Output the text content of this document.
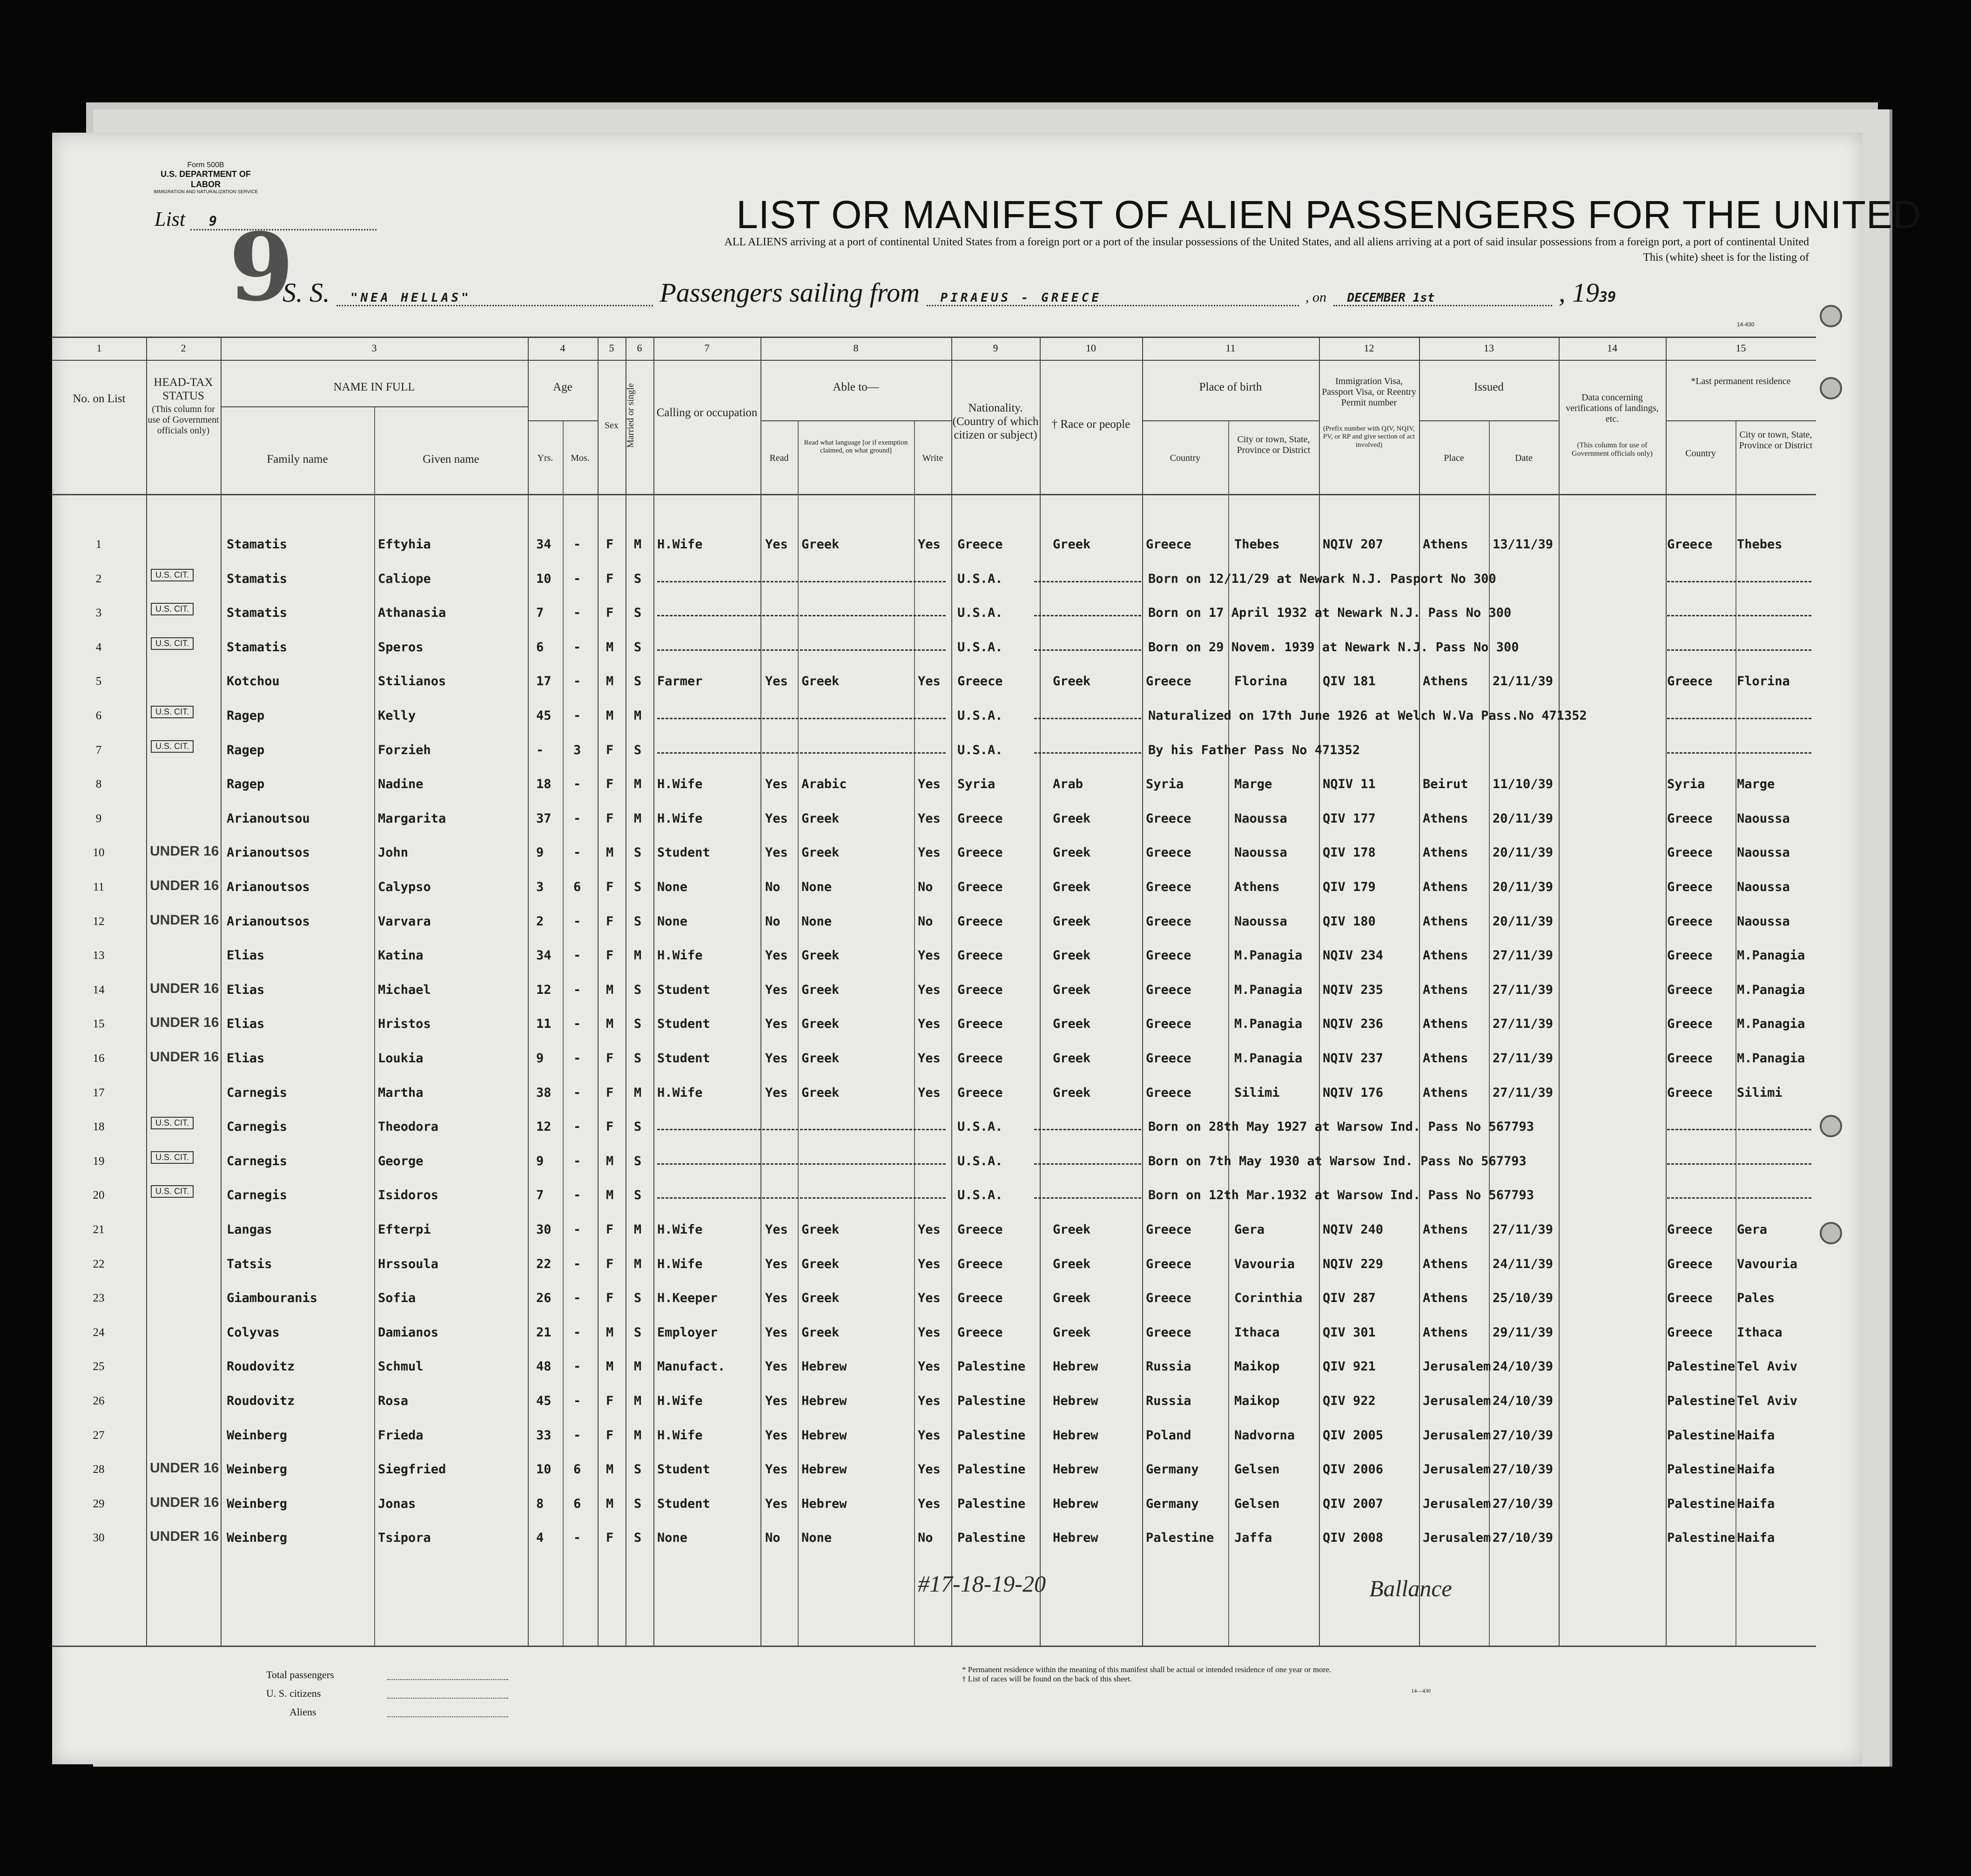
Form 500B
U.S. DEPARTMENT OF LABOR
IMMIGRATION AND NATURALIZATION SERVICE
List 9 9	LIST OR MANIFEST OF ALIEN PASSENGERS FOR THE UNITED
ALL ALIENS arriving at a port of continental United States from a foreign port or a port of the insular possessions of the United States, and all aliens arriving at a port of said insular possessions from a foreign port, a port of continental United
This (white) sheet is for the listing of
S. S. "NEA HELLAS"	Passengers sailing from PIRAEUS - GREECE	, on DECEMBER 1st	, 1939
14-430
1	2	3	4	5	6	7	8	9	10	11	12	13	14	15
No. on List
HEAD-TAX STATUS
(This column for use of Government officials only)
NAME IN FULL
Family name	Given name
Age
Yrs.	Mos.
Sex Married or single	Calling or occupation
Able to—
Read
Read what language [or if exemption claimed, on what ground]
Write
Nationality. (Country of which citizen or subject)
† Race or people
Place of birth
Country
City or town, State, Province or District
Immigration Visa, Passport Visa, or Reentry Permit number
(Prefix number with QIV, NQIV, PV, or RP and give section of act involved)
Issued
Place	Date
Data concerning verifications of landings, etc.
(This column for use of Government officials only)
*Last permanent residence
Country
City or town, State, Province or District
1	Stamatis	Eftyhia	34 - F M H.Wife	Yes Greek	Yes Greece	Greek	Greece	Thebes	NQIV 207	Athens 13/11/39	Greece Thebes
2	U.S. CIT.	Stamatis	Caliope	10 - F S	U.S.A.	Born on 12/11/29 at Newark N.J. Pasport No 300
3	U.S. CIT.	Stamatis	Athanasia	7 - F S	U.S.A.	Born on 17 April 1932 at Newark N.J. Pass No 300
4	U.S. CIT.	Stamatis	Speros	6 - M S	U.S.A.	Born on 29 Novem. 1939 at Newark N.J. Pass No 300
5	Kotchou	Stilianos	17 - M S Farmer	Yes Greek	Yes Greece	Greek	Greece	Florina	QIV 181	Athens 21/11/39	Greece Florina
6	U.S. CIT.	Ragep	Kelly	45 - M M	U.S.A.	Naturalized on 17th June 1926 at Welch W.Va Pass.No 471352
7	U.S. CIT.	Ragep	Forzieh	- 3 F S	U.S.A.	By his Father Pass No 471352
8	Ragep	Nadine	18 - F M H.Wife	Yes Arabic	Yes Syria	Arab	Syria	Marge	NQIV 11	Beirut 11/10/39	Syria	Marge
9	Arianoutsou	Margarita	37 - F M H.Wife	Yes Greek	Yes Greece	Greek	Greece	Naoussa	QIV 177	Athens 20/11/39	Greece Naoussa
10	UNDER 16 Arianoutsos	John	9 - M S Student	Yes Greek	Yes Greece	Greek	Greece	Naoussa	QIV 178	Athens 20/11/39	Greece Naoussa
11	UNDER 16 Arianoutsos	Calypso	3 6 F S None	No None	No Greece	Greek	Greece	Athens	QIV 179	Athens 20/11/39	Greece Naoussa
12	UNDER 16 Arianoutsos	Varvara	2 - F S None	No None	No Greece	Greek	Greece	Naoussa	QIV 180	Athens 20/11/39	Greece Naoussa
13	Elias	Katina	34 - F M H.Wife	Yes Greek	Yes Greece	Greek	Greece	M.Panagia NQIV 234	Athens 27/11/39	Greece M.Panagia
14	UNDER 16 Elias	Michael	12 - M S Student	Yes Greek	Yes Greece	Greek	Greece	M.Panagia NQIV 235	Athens 27/11/39	Greece M.Panagia
15	UNDER 16 Elias	Hristos	11 - M S Student	Yes Greek	Yes Greece	Greek	Greece	M.Panagia NQIV 236	Athens 27/11/39	Greece M.Panagia
16	UNDER 16 Elias	Loukia	9 - F S Student	Yes Greek	Yes Greece	Greek	Greece	M.Panagia NQIV 237	Athens 27/11/39	Greece M.Panagia
17	Carnegis	Martha	38 - F M H.Wife	Yes Greek	Yes Greece	Greek	Greece	Silimi	NQIV 176	Athens 27/11/39	Greece Silimi
18	U.S. CIT.	Carnegis	Theodora	12 - F S	U.S.A.	Born on 28th May 1927 at Warsow Ind. Pass No 567793
19	U.S. CIT.	Carnegis	George	9 - M S	U.S.A.	Born on 7th May 1930 at Warsow Ind. Pass No 567793
20	U.S. CIT.	Carnegis	Isidoros	7 - M S	U.S.A.	Born on 12th Mar.1932 at Warsow Ind. Pass No 567793
21	Langas	Efterpi	30 - F M H.Wife	Yes Greek	Yes Greece	Greek	Greece	Gera	NQIV 240	Athens 27/11/39	Greece Gera
22	Tatsis	Hrssoula	22 - F M H.Wife	Yes Greek	Yes Greece	Greek	Greece	Vavouria NQIV 229	Athens 24/11/39	Greece Vavouria
23	Giambouranis	Sofia	26 - F S H.Keeper	Yes Greek	Yes Greece	Greek	Greece	Corinthia QIV 287	Athens 25/10/39	Greece Pales
24	Colyvas	Damianos	21 - M S Employer	Yes Greek	Yes Greece	Greek	Greece	Ithaca	QIV 301	Athens 29/11/39	Greece Ithaca
25	Roudovitz	Schmul	48 - M M Manufact.	Yes Hebrew	Yes Palestine Hebrew	Russia	Maikop	QIV 921	Jerusalem 24/10/39	Palestine Tel Aviv
26	Roudovitz	Rosa	45 - F M H.Wife	Yes Hebrew	Yes Palestine Hebrew	Russia	Maikop	QIV 922	Jerusalem 24/10/39	Palestine Tel Aviv
27	Weinberg	Frieda	33 - F M H.Wife	Yes Hebrew	Yes Palestine Hebrew	Poland	Nadvorna QIV 2005	Jerusalem 27/10/39	Palestine Haifa
28	UNDER 16 Weinberg	Siegfried	10 6 M S Student	Yes Hebrew	Yes Palestine Hebrew	Germany	Gelsen	QIV 2006	Jerusalem 27/10/39	Palestine Haifa
29	UNDER 16 Weinberg	Jonas	8 6 M S Student	Yes Hebrew	Yes Palestine Hebrew	Germany	Gelsen	QIV 2007	Jerusalem 27/10/39	Palestine Haifa
30	UNDER 16 Weinberg	Tsipora	4 - F S None	No None	No Palestine Hebrew	Palestine Jaffa	QIV 2008	Jerusalem 27/10/39	Palestine Haifa
#17-18-19-20	Ballance
Total passengers
U. S. citizens
Aliens
* Permanent residence within the meaning of this manifest shall be actual or intended residence of one year or more.
† List of races will be found on the back of this sheet.
14—430
